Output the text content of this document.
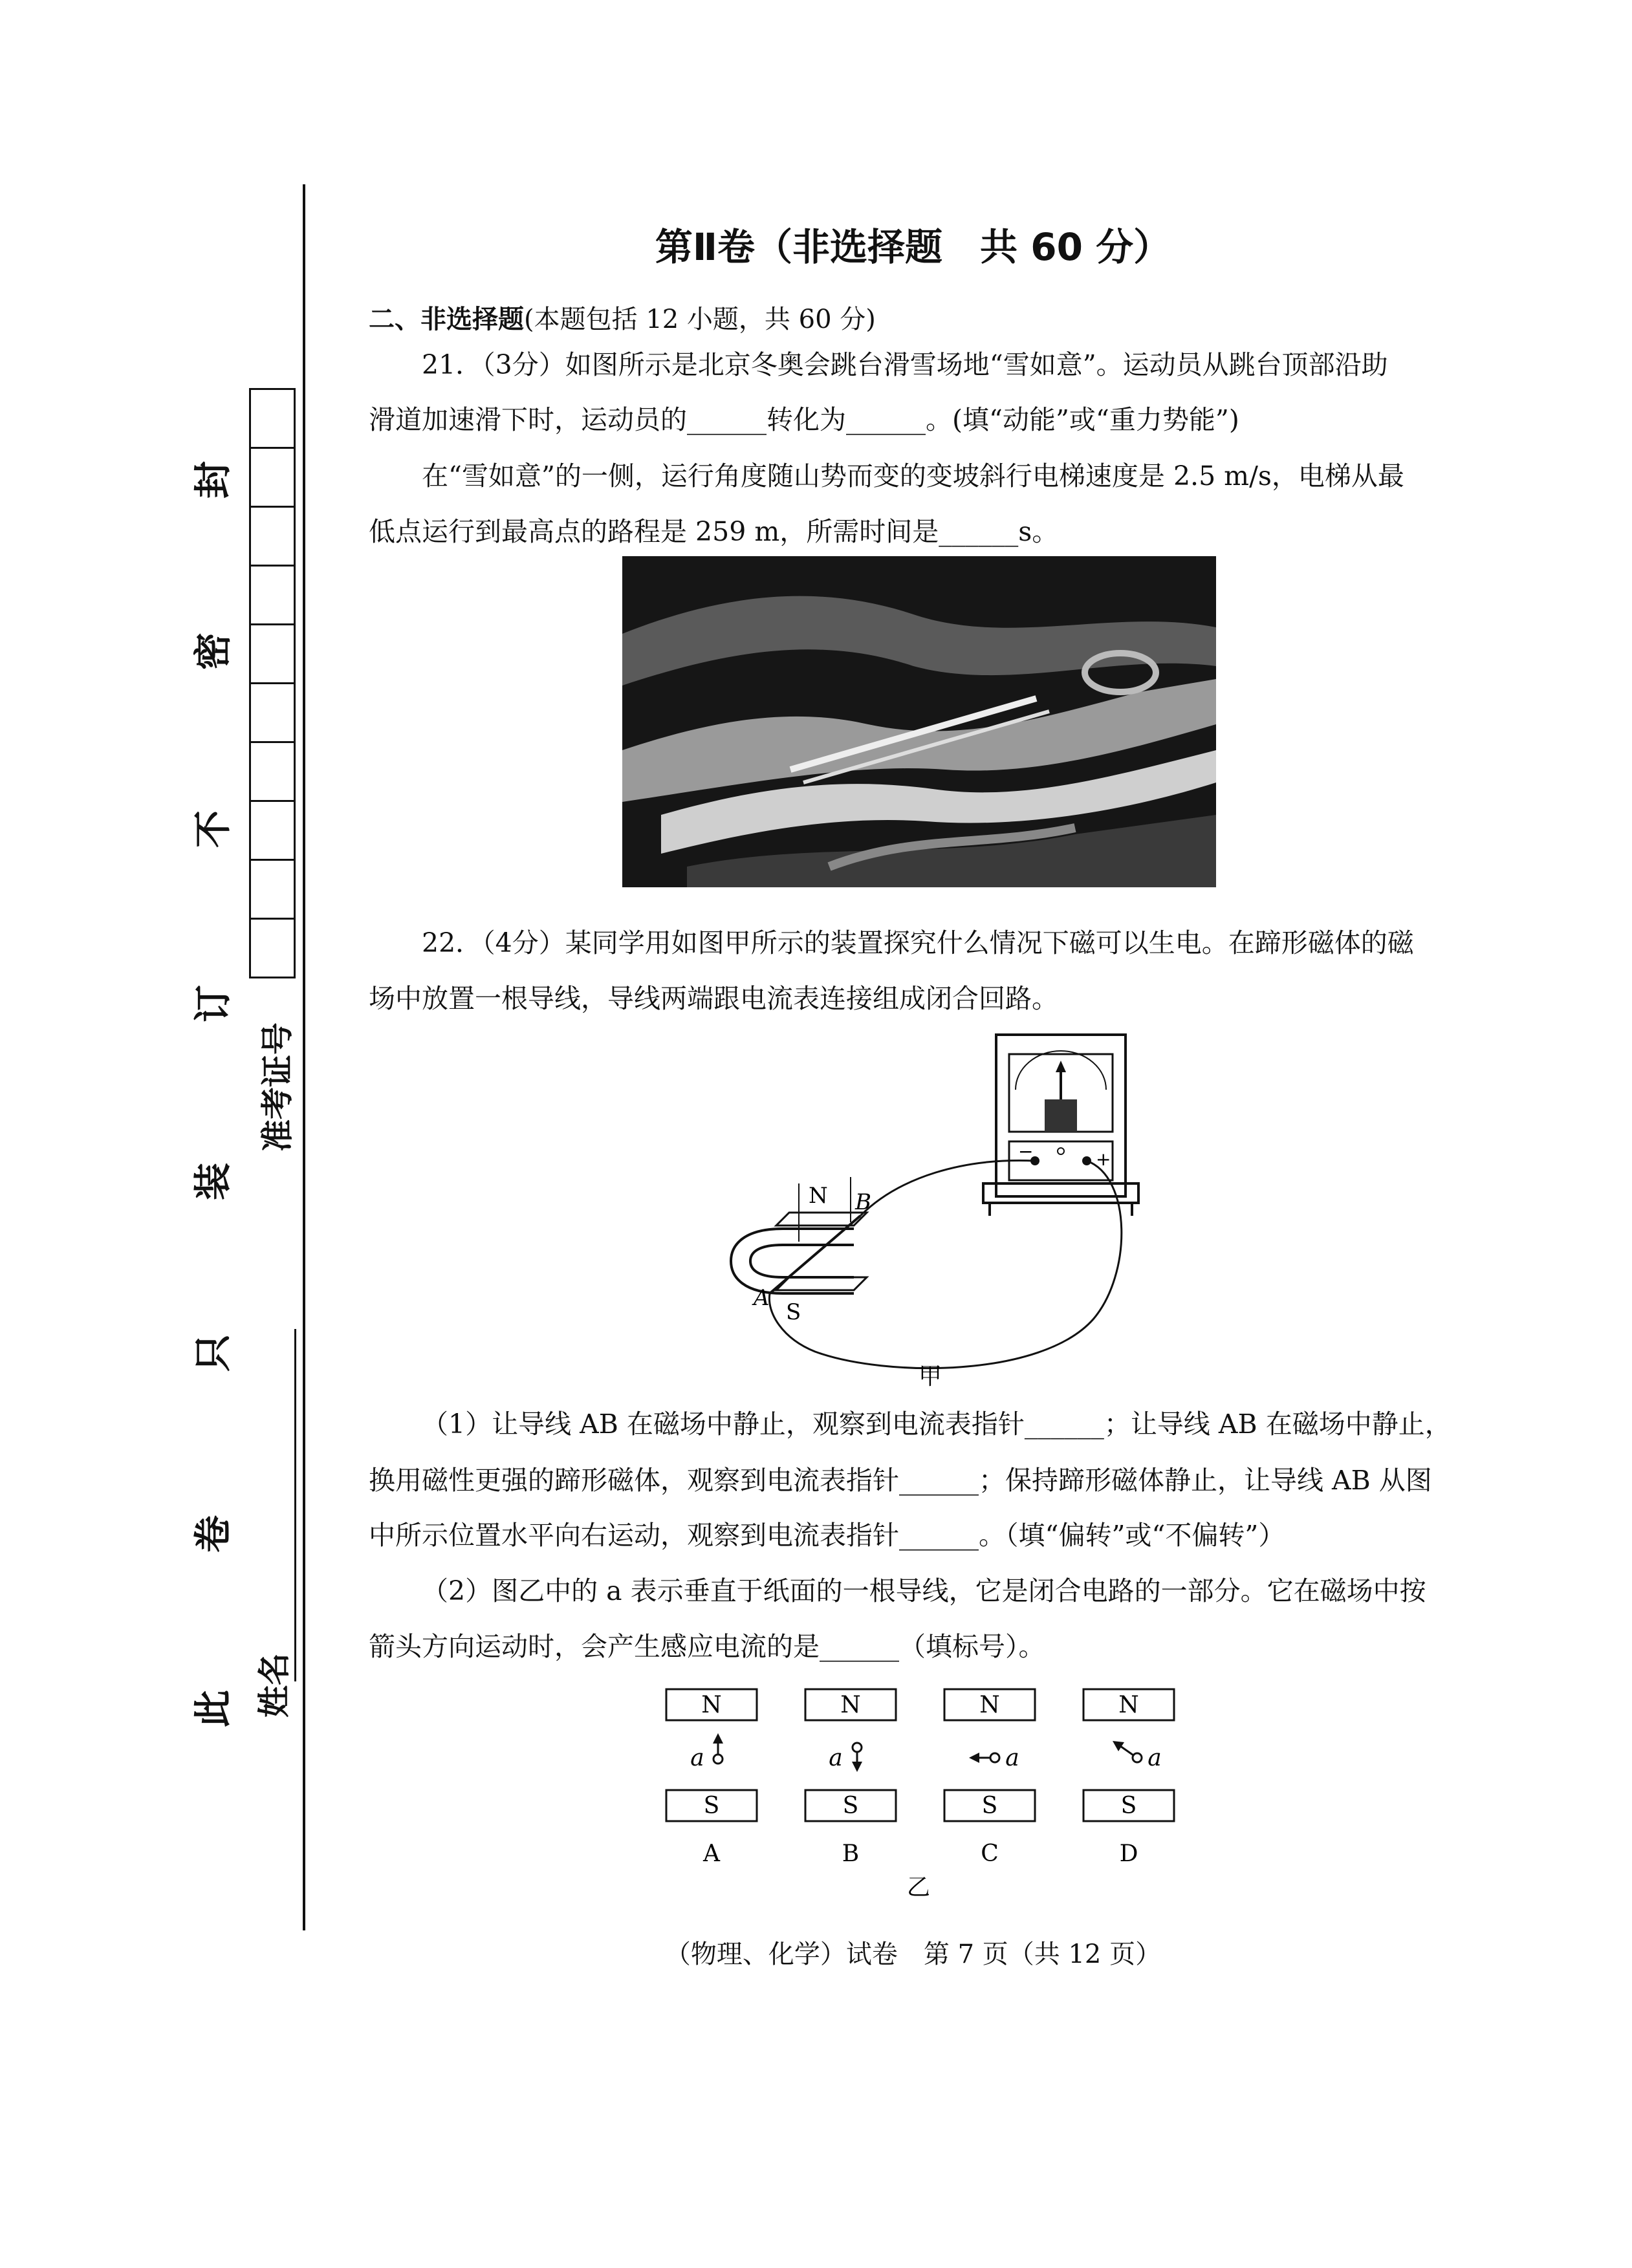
封
密
不
订
装
只
卷
此
准考证号
姓名
第Ⅱ卷（非选择题　共 60 分）
二、非选择题(本题包括 12 小题，共 60 分)
21．（3分）如图所示是北京冬奥会跳台滑雪场地“雪如意”。运动员从跳台顶部沿助
滑道加速滑下时，运动员的______转化为______。(填“动能”或“重力势能”)
在“雪如意”的一侧，运行角度随山势而变的变坡斜行电梯速度是 2.5 m/s，电梯从最
低点运行到最高点的路程是 259 m，所需时间是______s。
22．（4分）某同学用如图甲所示的装置探究什么情况下磁可以生电。在蹄形磁体的磁
场中放置一根导线，导线两端跟电流表连接组成闭合回路。
−	+
N
S
A
B
甲
（1）让导线 AB 在磁场中静止，观察到电流表指针______；让导线 AB 在磁场中静止，
换用磁性更强的蹄形磁体，观察到电流表指针______；保持蹄形磁体静止，让导线 AB 从图
中所示位置水平向右运动，观察到电流表指针______。（填“偏转”或“不偏转”）
（2）图乙中的 a 表示垂直于纸面的一根导线，它是闭合电路的一部分。它在磁场中按
箭头方向运动时，会产生感应电流的是______（填标号）。
N
a
S
A
N
a
S
B
N
a
S
C
N
a
S
D
乙
（物理、化学）试卷　第 7 页（共 12 页）
